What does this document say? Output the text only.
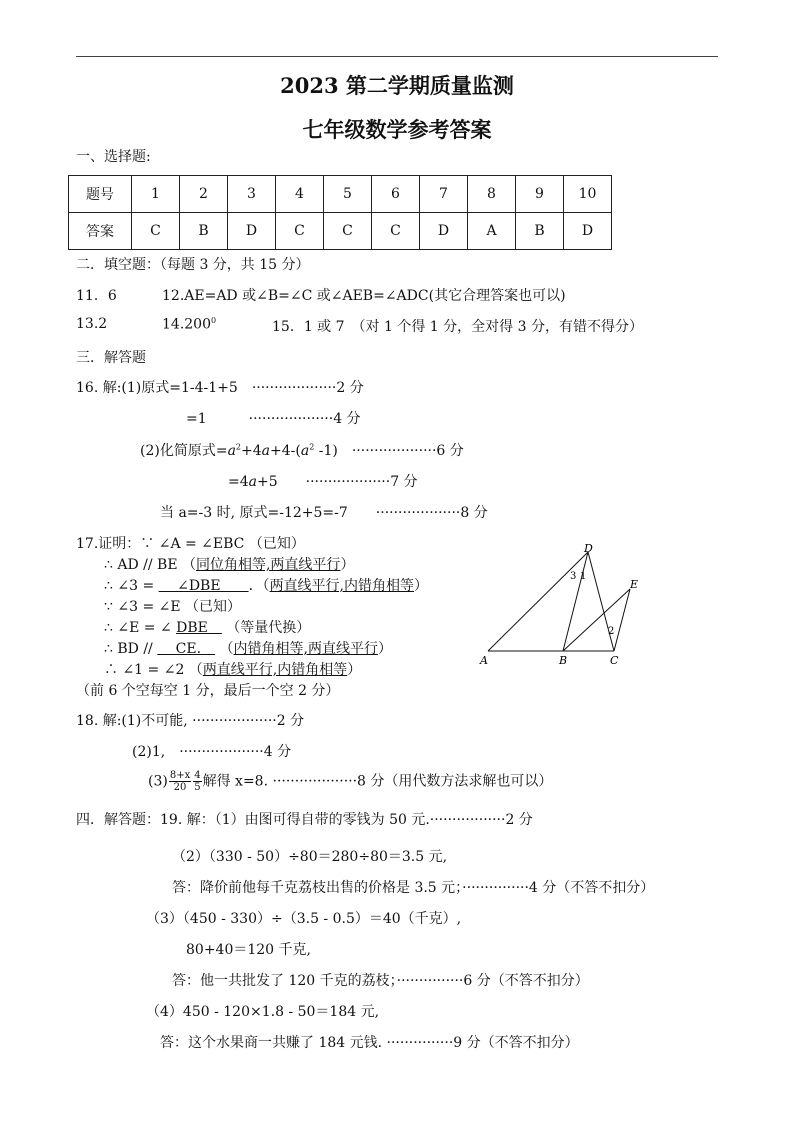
2023 第二学期质量监测
七年级数学参考答案
一、选择题:
题号	1	2	3	4	5	6	7	8	9	10
答案	C	B	D	C	C	C	D	A	B	D
二．填空题：（每题 3 分，共 15 分）
11．6	12.AE=AD 或∠B=∠C 或∠AEB=∠ADC(其它合理答案也可以)
13.2	14.200$^0$	15．1 或 7　（对 1 个得 1 分，全对得 3 分，有错不得分）
三．解答题
16. 解:(1)原式=1-4-1+5　···················2 分
=1　　　···················4 分
(2)化简原式$=a^2+4a+4-(a^2$ -1)　···················6 分
=4a+5　　···················7 分
当 a=-3 时, 原式=-12+5=-7　　···················8 分
17.证明：∵ ∠A = ∠EBC （已知）
∴ AD // BE （同位角相等,两直线平行）
∴ ∠3 = 　 ∠DBE　　．（两直线平行,内错角相等）
∵ ∠3 = ∠E （已知）
∴ ∠E = ∠ DBE　 （等量代换）
∴ BD // 　 CE.　 （内错角相等,两直线平行）
∴ ∠1 = ∠2 （两直线平行,内错角相等）
（前 6 个空每空 1 分，最后一个空 2 分）
A	B	C
D
E
1
2
3
18. 解:(1)不可能, ···················2 分
(2)1,　···················4 分
$(3) \frac{8+x}{20} \frac{4}{5}$ 解得 x=8. ···················8 分（用代数方法求解也可以）
四．解答题：19. 解：（1）由图可得自带的零钱为 50 元.·················2 分
（2）（330 - 50）÷80＝280÷80＝3.5 元,
答：降价前他每千克荔枝出售的价格是 3.5 元；···············4 分（不答不扣分）
（3）（450 - 330）÷（3.5 - 0.5）＝40（千克）,
80+40＝120 千克,
答：他一共批发了 120 千克的荔枝；···············6 分（不答不扣分）
（4）450 - 120×1.8 - 50＝184 元,
答：这个水果商一共赚了 184 元钱. ···············9 分（不答不扣分）
